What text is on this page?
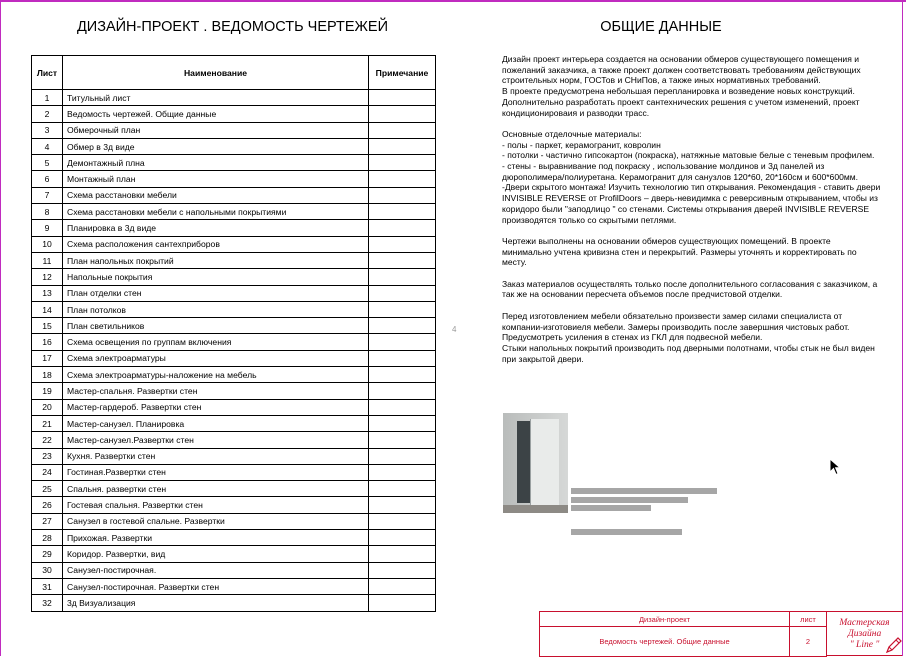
ДИЗАЙН-ПРОЕКТ . ВЕДОМОСТЬ ЧЕРТЕЖЕЙ	ОБЩИЕ ДАННЫЕ
Лист	Наименование	Примечание
1	Титульный лист	
2	Ведомость чертежей. Общие данные	
3	Обмерочный план	
4	Обмер в 3д виде	
5	Демонтажный плна	
6	Монтажный план	
7	Схема расстановки мебели	
8	Схема расстановки мебели с напольными покрытиями	
9	Планировка в 3д виде	
10	Схема расположения сантехприборов	
11	План напольных покрытий	
12	Напольные покрытия	
13	План отделки стен	
14	План потолков	
15	План светильников	
16	Схема освещения по группам включения	
17	Схема электроарматуры	
18	Схема электроарматуры-наложение на мебель	
19	Мастер-спальня. Развертки стен	
20	Мастер-гардероб. Развертки стен	
21	Мастер-санузел. Планировка	
22	Мастер-санузел.Развертки стен	
23	Кухня. Развертки стен	
24	Гостиная.Развертки стен	
25	Спальня. развертки стен	
26	Гостевая спальня. Развертки стен	
27	Санузел в гостевой спальне. Развертки	
28	Прихожая. Развертки	
29	Коридор. Развертки, вид	
30	Санузел-постирочная.	
31	Санузел-постирочная. Развертки стен	
32	3д Визуализация	

Дизайн проект интерьера создается на основании обмеров существующего помещения и пожеланий заказчика, а также проект должен соответствовать требованиям действующих строительных норм, ГОСТов и СНиПов, а также иных нормативных требований.

В проекте предусмотрена небольшая перепланировка и возведение новых конструкций. Дополнительно разработать проект сантехнических решения с учетом изменений, проект кондиционироваия и разводки трасс.

Основные отделочные материалы:

- полы - паркет, керамогранит, ковролин

- потолки - частично гипсокартон (покраска), натяжные матовые белые с теневым профилем.

- стены - выравнивание под покраску , использование молдинов и 3д панелей из дюрополимера/полиуретана. Керамогранит для санузлов 120*60, 20*160см и 600*600мм.

-Двери скрытого монтажа! Изучить технологию тип открывания. Рекомендация - ставить двери INVISIBLE REVERSE от ProfilDoors – дверь-невидимка с реверсивным открыванием, чтобы из коридоро были "заподлицо " со стенами. Системы открывания дверей INVISIBLE REVERSE производятся только со скрытыми петлями.

Чертежи выполнены на основании обмеров существующих помещений. В проекте минимально учтена кривизна стен и перекрытий. Размеры уточнять и корректировать по месту.

Заказ материалов осуществлять только после дополнительного согласования с заказчиком, а так же на основании пересчета объемов после предчистовой отделки.

Перед изготовлением мебели обязательно произвести замер силами специалиста от компании-изготовиеля мебели. Замеры производить после завершния чистовых работ.

Предусмотреть усиления в стенах из ГКЛ для подвесной мебели.

Стыки напольных покрытий производить под дверными полотнами, чтобы стык не был виден при закрытой двери.

4
Дизайн-проект	лист
Ведомость чертежей. Общие данные	2
Мастерская
Дизайна
" Line "
